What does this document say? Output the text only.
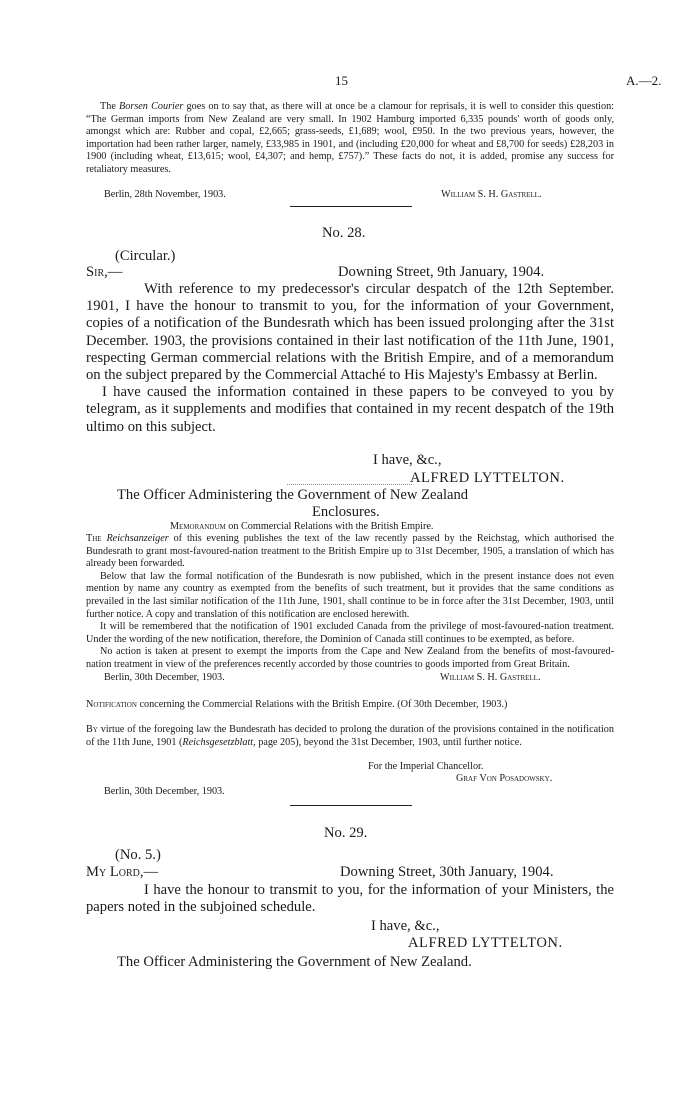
15	A.—2.

The Borsen Courier goes on to say that, as there will at once be a clamour for reprisals, it is well to consider this question: “The German imports from New Zealand are very small. In 1902 Hamburg imported 6,335 pounds' worth of goods only, amongst which are: Rubber and copal, £2,665; grass-seeds, £1,689; wool, £950. In the two previous years, however, the importation had been rather larger, namely, £33,985 in 1901, and (including £20,000 for wheat and £8,700 for seeds) £28,203 in 1900 (including wheat, £13,615; wool, £4,307; and hemp, £757).” These facts do not, it is added, promise any success for retaliatory measures.

Berlin, 28th November, 1903.	William S. H. Gastrell.
No. 28.
(Circular.)
Sir,—	Downing Street, 9th January, 1904.

With reference to my predecessor's circular despatch of the 12th September. 1901, I have the honour to transmit to you, for the information of your Government, copies of a notification of the Bundesrath which has been issued prolonging after the 31st December. 1903, the provisions contained in their last notification of the 11th June, 1901, respecting German commercial relations with the British Empire, and of a memorandum on the subject prepared by the Commercial Attaché to His Majesty's Embassy at Berlin.

I have caused the information contained in these papers to be conveyed to you by telegram, as it supplements and modifies that contained in my recent despatch of the 19th ultimo on this subject.

I have, &c.,
ALFRED LYTTELTON.
The Officer Administering the Government of New Zealand
Enclosures.
Memorandum on Commercial Relations with the British Empire.

The Reichsanzeiger of this evening publishes the text of the law recently passed by the Reichstag, which authorised the Bundesrath to grant most-favoured-nation treatment to the British Empire up to 31st December, 1905, a translation of which has already been forwarded.

Below that law the formal notification of the Bundesrath is now published, which in the present instance does not even mention by name any country as exempted from the benefits of such treatment, but it provides that the same conditions as prevailed in the last similar notification of the 11th June, 1901, shall continue to be in force after the 31st December, 1903, until further notice. A copy and translation of this notification are enclosed herewith.

It will be remembered that the notification of 1901 excluded Canada from the privilege of most-favoured-nation treatment. Under the wording of the new notification, therefore, the Dominion of Canada still continues to be exempted, as before.

No action is taken at present to exempt the imports from the Cape and New Zealand from the benefits of most-favoured-nation treatment in view of the preferences recently accorded by those countries to goods imported from Great Britain.

Berlin, 30th December, 1903.	William S. H. Gastrell.
Notification concerning the Commercial Relations with the British Empire. (Of 30th December, 1903.)

By virtue of the foregoing law the Bundesrath has decided to prolong the duration of the provisions contained in the notification of the 11th June, 1901 (Reichsgesetzblatt, page 205), beyond the 31st December, 1903, until further notice.

For the Imperial Chancellor.
Graf Von Posadowsky.
Berlin, 30th December, 1903.
No. 29.
(No. 5.)
My Lord,—	Downing Street, 30th January, 1904.

I have the honour to transmit to you, for the information of your Ministers, the papers noted in the subjoined schedule.

I have, &c.,
ALFRED LYTTELTON.
The Officer Administering the Government of New Zealand.
